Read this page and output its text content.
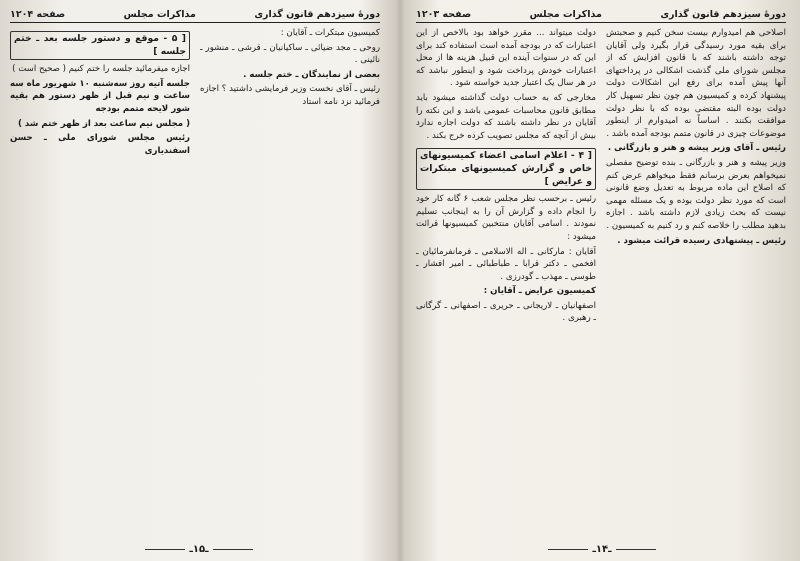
دورهٔ سیزدهم قانون گذاری
مذاکرات مجلس
صفحه ۱۲۰۴

کمیسیون مبتکرات ـ آقایان :

روحی ـ مجد ضیائی ـ ساکیانیان ـ قرشی ـ منشور ـ نائینی .

بعضی از نمایندگان ـ ختم جلسه .

رئیس ـ آقای نخست وزیر فرمایشی داشتید ؟ اجازه فرمائید نزد نامه استاد

[ ۵ - موقع و دستور جلسه بعد ـ ختم جلسه ]

اجازه میفرمائید جلسه را ختم کنیم ( صحیح است )

جلسه آتیه روز سه‌شنبه ۱۰ شهریور ماه سه ساعت و نیم قبل از ظهر دستور هم بقیه شور لایحه متمم بودجه

( مجلس نیم ساعت بعد از ظهر ختم شد )

رئیس مجلس شورای ملی ـ حسن اسفندیاری

ـ۱۵ـ
دورهٔ سیزدهم قانون گذاری
مذاکرات مجلس
صفحه ۱۲۰۳

اصلاحی هم امیدوارم بیست سخن کنیم و صحبتش برای بقیه مورد رسیدگی قرار بگیرد ولی آقایان توجه داشته باشند که با قانون افزایش که از مجلس شورای ملی گذشت اشکالی در پرداختهای آنها پیش آمده برای رفع این اشکالات دولت پیشنهاد کرده و کمیسیون هم چون نظر تسهیل کار دولت بوده البته مقتضی بوده که با نظر دولت موافقت بکنند . اساساً نه امیدوارم از اینطور موضوعات چیزی در قانون متمم بودجه آمده باشد .

رئیس ـ آقای وزیر پیشه و هنر و بازرگانی .

وزیر پیشه و هنر و بازرگانی ـ بنده توضیح مفصلی نمیخواهم بعرض برسانم فقط میخواهم عرض کنم که اصلاح این ماده مربوط به تعدیل وضع قانونی است که مورد نظر دولت بوده و یک مسئله مهمی نیست که بحث زیادی لازم داشته باشد . اجازه بدهید مطلب را خلاصه کنم و رد کنیم به کمیسیون .

رئیس ـ پیشنهادی رسیده قرائت میشود .

دولت میتواند ... مقرر خواهد بود بالاخص از این اعتبارات که در بودجه آمده است استفاده کند برای این که در سنوات آینده این قبیل هزینه ها از محل اعتبارات خودش پرداخت شود و اینطور نباشد که در هر سال یک اعتبار جدید خواسته شود .

مخارجی که به حساب دولت گذاشته میشود باید مطابق قانون محاسبات عمومی باشد و این نکته را آقایان در نظر داشته باشند که دولت اجازه ندارد بیش از آنچه که مجلس تصویب کرده خرج بکند .

[ ۴ - اعلام اسامی اعضاء کمیسیونهای خاص و گزارش کمیسیونهای مبتکرات و عرایض ]

رئیس ـ برحسب نظر مجلس شعب ۶ گانه کار خود را انجام داده و گزارش آن را به اینجانب تسلیم نمودند . اسامی آقایان منتخبین کمیسیونها قرائت میشود :

آقایان : مارکانی ـ اله الاسلامی ـ فرمانفرمائیان ـ افخمی ـ دکتر قرابا ـ طباطبائی ـ امیر افشار ـ طوسی ـ مهذب ـ گودرزی .

کمیسیون عرایض ـ آقایان :

اصفهانیان ـ لاریجانی ـ حریری ـ اصفهانی ـ گرگانی ـ رهبری .

ـ۱۴ـ
